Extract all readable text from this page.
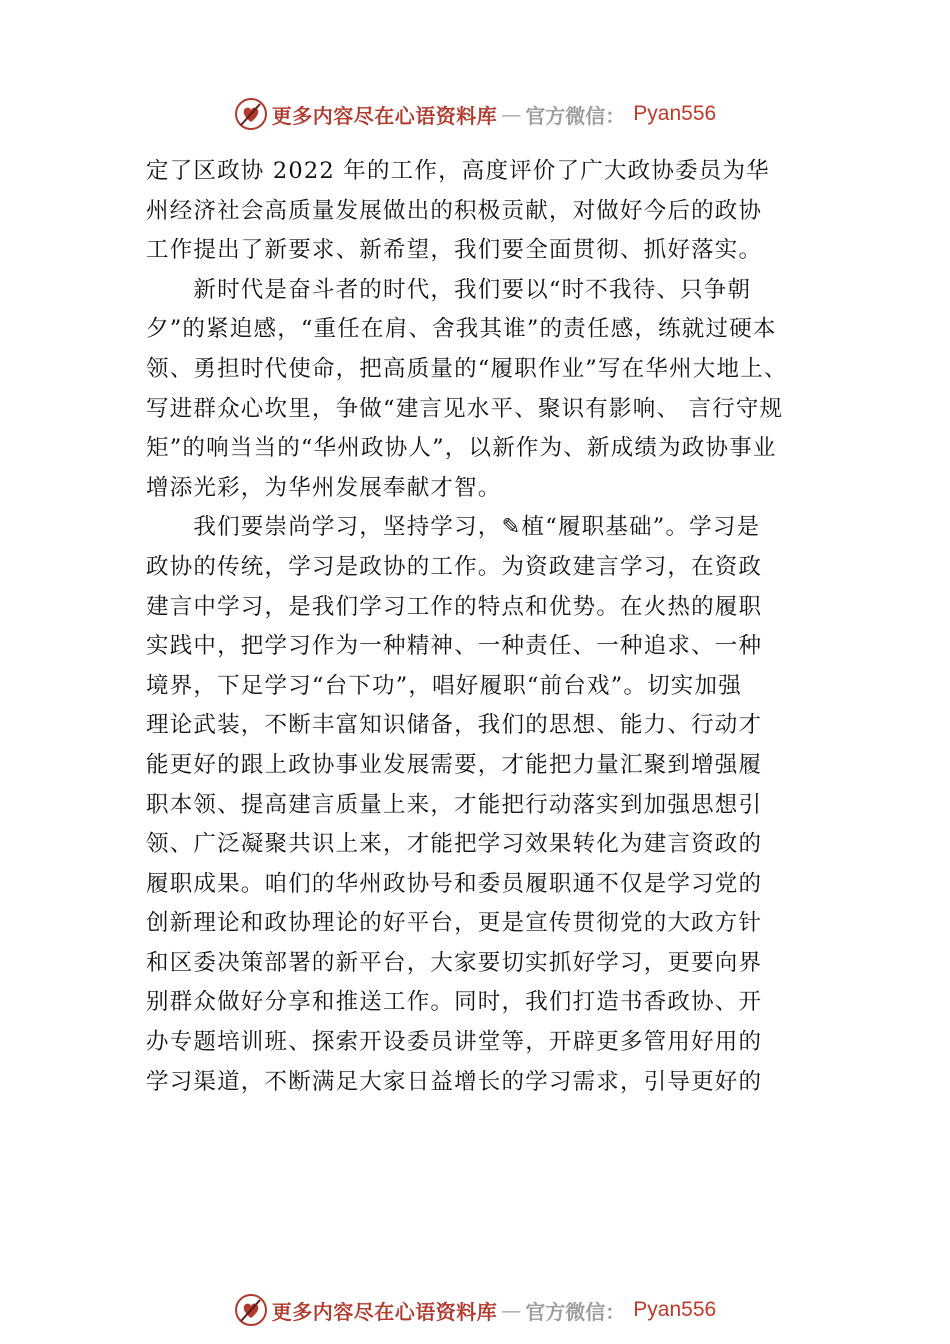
更多内容尽在心语资料库 — 官方微信： Pyan556
定了区政协 2022 年的工作，高度评价了广大政协委员为华
州经济社会高质量发展做出的积极贡献，对做好今后的政协
工作提出了新要求、新希望，我们要全面贯彻、抓好落实。
　　新时代是奋斗者的时代，我们要以“时不我待、只争朝
夕”的紧迫感，“重任在肩、舍我其谁”的责任感，练就过硬本
领、勇担时代使命，把高质量的“履职作业”写在华州大地上、
写进群众心坎里，争做“建言见水平、聚识有影响、 言行守规
矩”的响当当的“华州政协人”，以新作为、新成绩为政协事业
增添光彩，为华州发展奉献才智。
　　我们要崇尚学习，坚持学习，✎植“履职基础”。学习是
政协的传统，学习是政协的工作。为资政建言学习，在资政
建言中学习，是我们学习工作的特点和优势。在火热的履职
实践中，把学习作为一种精神、一种责任、一种追求、一种
境界，下足学习“台下功”，唱好履职“前台戏”。切实加强
理论武装，不断丰富知识储备，我们的思想、能力、行动才
能更好的跟上政协事业发展需要，才能把力量汇聚到增强履
职本领、提高建言质量上来，才能把行动落实到加强思想引
领、广泛凝聚共识上来，才能把学习效果转化为建言资政的
履职成果。咱们的华州政协号和委员履职通不仅是学习党的
创新理论和政协理论的好平台，更是宣传贯彻党的大政方针
和区委决策部署的新平台，大家要切实抓好学习，更要向界
别群众做好分享和推送工作。同时，我们打造书香政协、开
办专题培训班、探索开设委员讲堂等，开辟更多管用好用的
学习渠道，不断满足大家日益增长的学习需求，引导更好的
更多内容尽在心语资料库 — 官方微信： Pyan556
